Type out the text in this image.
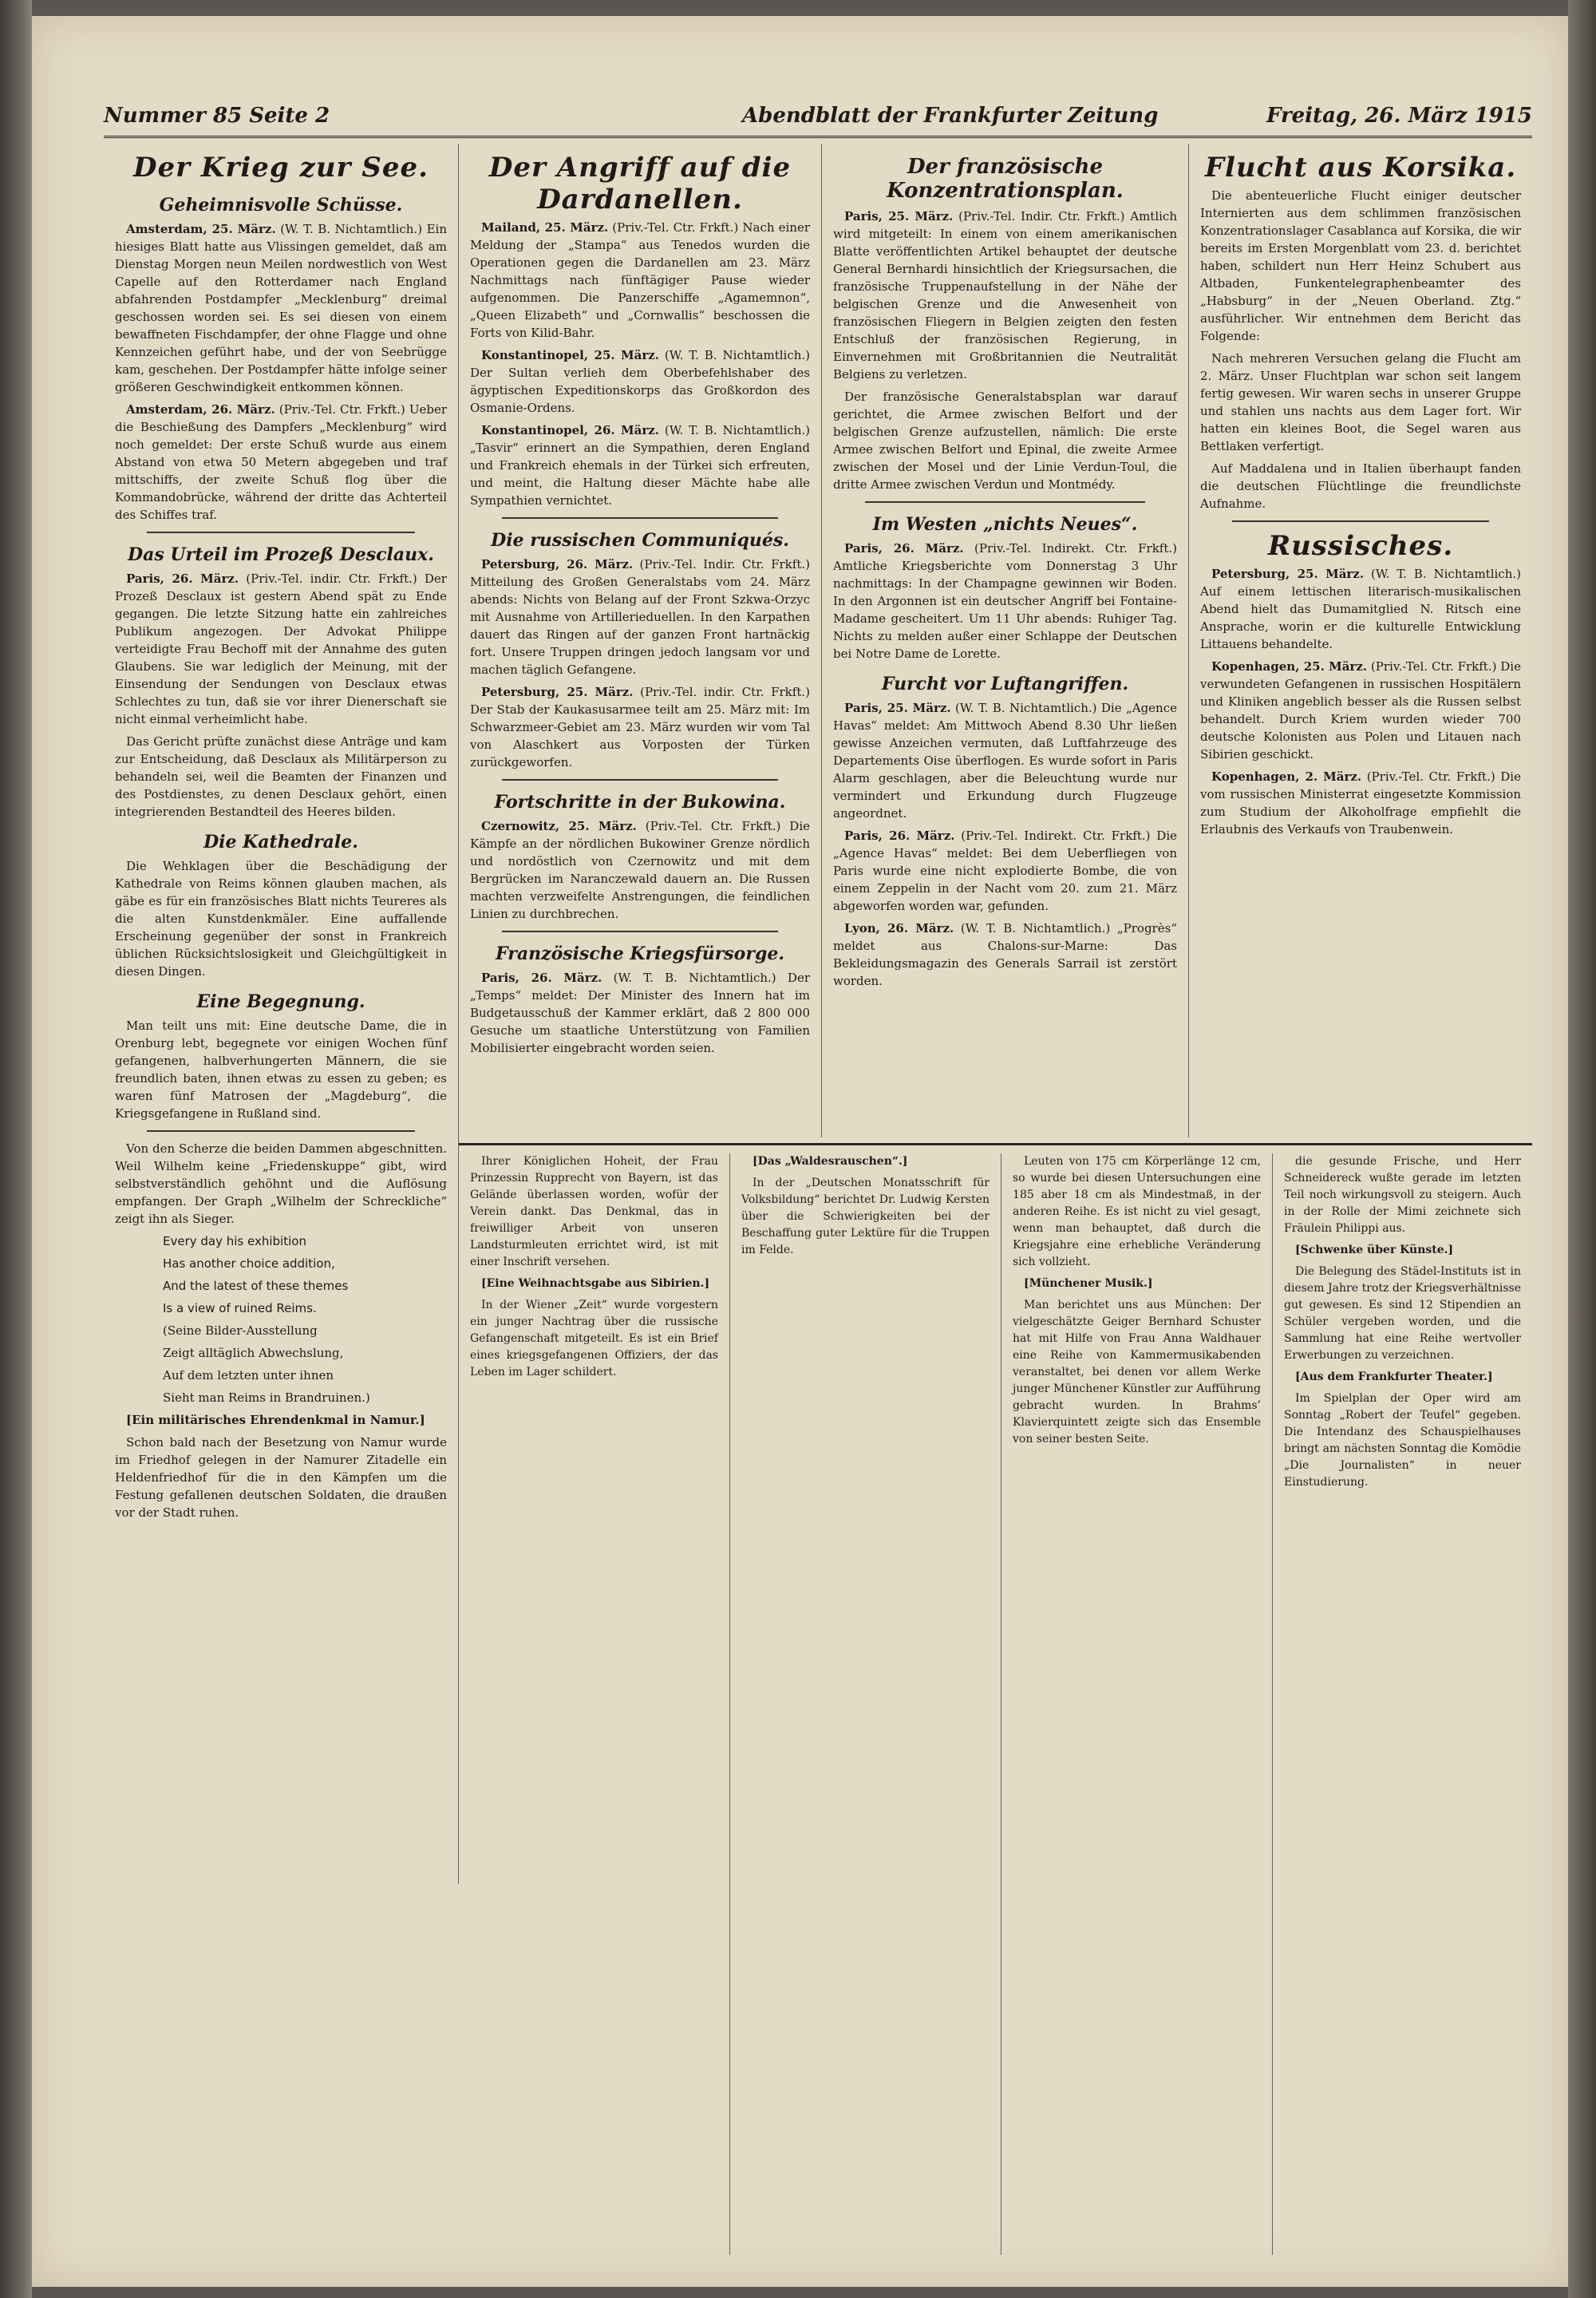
Nummer 85 Seite 2	Abendblatt der Frankfurter Zeitung	Freitag, 26. März 1915
Der Krieg zur See.
Geheimnisvolle Schüsse.

Amsterdam, 25. März. (W. T. B. Nichtamtlich.) Ein hiesiges Blatt hatte aus Vlissingen gemeldet, daß am Dienstag Morgen neun Meilen nordwestlich von West Capelle auf den Rotterdamer nach England abfahrenden Postdampfer „Mecklenburg“ dreimal geschossen worden sei. Es sei diesen von einem bewaffneten Fischdampfer, der ohne Flagge und ohne Kennzeichen geführt habe, und der von Seebrügge kam, geschehen. Der Postdampfer hätte infolge seiner größeren Geschwindigkeit entkommen können.

Amsterdam, 26. März. (Priv.-Tel. Ctr. Frkft.) Ueber die Beschießung des Dampfers „Mecklenburg“ wird noch gemeldet: Der erste Schuß wurde aus einem Abstand von etwa 50 Metern abgegeben und traf mittschiffs, der zweite Schuß flog über die Kommandobrücke, während der dritte das Achterteil des Schiffes traf.

Das Urteil im Prozeß Desclaux.

Paris, 26. März. (Priv.-Tel. indir. Ctr. Frkft.) Der Prozeß Desclaux ist gestern Abend spät zu Ende gegangen. Die letzte Sitzung hatte ein zahlreiches Publikum angezogen. Der Advokat Philippe verteidigte Frau Bechoff mit der Annahme des guten Glaubens. Sie war lediglich der Meinung, mit der Einsendung der Sendungen von Desclaux etwas Schlechtes zu tun, daß sie vor ihrer Dienerschaft sie nicht einmal verheimlicht habe.

Das Gericht prüfte zunächst diese Anträge und kam zur Entscheidung, daß Desclaux als Militärperson zu behandeln sei, weil die Beamten der Finanzen und des Postdienstes, zu denen Desclaux gehört, einen integrierenden Bestandteil des Heeres bilden.

Die Kathedrale.

Die Wehklagen über die Beschädigung der Kathedrale von Reims können glauben machen, als gäbe es für ein französisches Blatt nichts Teureres als die alten Kunstdenkmäler. Eine auffallende Erscheinung gegenüber der sonst in Frankreich üblichen Rücksichtslosigkeit und Gleichgültigkeit in diesen Dingen.

Eine Begegnung.

Man teilt uns mit: Eine deutsche Dame, die in Orenburg lebt, begegnete vor einigen Wochen fünf gefangenen, halbverhungerten Männern, die sie freundlich baten, ihnen etwas zu essen zu geben; es waren fünf Matrosen der „Magdeburg“, die Kriegsgefangene in Rußland sind.

Von den Scherze die beiden Dammen abgeschnitten. Weil Wilhelm keine „Friedenskuppe“ gibt, wird selbstverständlich gehöhnt und die Auflösung empfangen. Der Graph „Wilhelm der Schreckliche“ zeigt ihn als Sieger.

Every day his exhibition

Has another choice addition,

And the latest of these themes

Is a view of ruined Reims.

(Seine Bilder-Ausstellung

Zeigt alltäglich Abwechslung,

Auf dem letzten unter ihnen

Sieht man Reims in Brandruinen.)

[Ein militärisches Ehrendenkmal in Namur.]

Schon bald nach der Besetzung von Namur wurde im Friedhof gelegen in der Namurer Zitadelle ein Heldenfriedhof für die in den Kämpfen um die Festung gefallenen deutschen Soldaten, die draußen vor der Stadt ruhen.

Der Angriff auf die Dardanellen.

Mailand, 25. März. (Priv.-Tel. Ctr. Frkft.) Nach einer Meldung der „Stampa“ aus Tenedos wurden die Operationen gegen die Dardanellen am 23. März Nachmittags nach fünftägiger Pause wieder aufgenommen. Die Panzerschiffe „Agamemnon“, „Queen Elizabeth“ und „Cornwallis“ beschossen die Forts von Kilid-Bahr.

Konstantinopel, 25. März. (W. T. B. Nichtamtlich.) Der Sultan verlieh dem Oberbefehlshaber des ägyptischen Expeditionskorps das Großkordon des Osmanie-Ordens.

Konstantinopel, 26. März. (W. T. B. Nichtamtlich.) „Tasvir“ erinnert an die Sympathien, deren England und Frankreich ehemals in der Türkei sich erfreuten, und meint, die Haltung dieser Mächte habe alle Sympathien vernichtet.

Die russischen Communiqués.

Petersburg, 26. März. (Priv.-Tel. Indir. Ctr. Frkft.) Mitteilung des Großen Generalstabs vom 24. März abends: Nichts von Belang auf der Front Szkwa-Orzyc mit Ausnahme von Artillerieduellen. In den Karpathen dauert das Ringen auf der ganzen Front hartnäckig fort. Unsere Truppen dringen jedoch langsam vor und machen täglich Gefangene.

Petersburg, 25. März. (Priv.-Tel. indir. Ctr. Frkft.) Der Stab der Kaukasusarmee teilt am 25. März mit: Im Schwarzmeer-Gebiet am 23. März wurden wir vom Tal von Alaschkert aus Vorposten der Türken zurückgeworfen.

Fortschritte in der Bukowina.

Czernowitz, 25. März. (Priv.-Tel. Ctr. Frkft.) Die Kämpfe an der nördlichen Bukowiner Grenze nördlich und nordöstlich von Czernowitz und mit dem Bergrücken im Naranczewald dauern an. Die Russen machten verzweifelte Anstrengungen, die feindlichen Linien zu durchbrechen.

Französische Kriegsfürsorge.

Paris, 26. März. (W. T. B. Nichtamtlich.) Der „Temps“ meldet: Der Minister des Innern hat im Budgetausschuß der Kammer erklärt, daß 2 800 000 Gesuche um staatliche Unterstützung von Familien Mobilisierter eingebracht worden seien.

Der französische Konzentrationsplan.

Paris, 25. März. (Priv.-Tel. Indir. Ctr. Frkft.) Amtlich wird mitgeteilt: In einem von einem amerikanischen Blatte veröffentlichten Artikel behauptet der deutsche General Bernhardi hinsichtlich der Kriegsursachen, die französische Truppenaufstellung in der Nähe der belgischen Grenze und die Anwesenheit von französischen Fliegern in Belgien zeigten den festen Entschluß der französischen Regierung, in Einvernehmen mit Großbritannien die Neutralität Belgiens zu verletzen.

Der französische Generalstabsplan war darauf gerichtet, die Armee zwischen Belfort und der belgischen Grenze aufzustellen, nämlich: Die erste Armee zwischen Belfort und Epinal, die zweite Armee zwischen der Mosel und der Linie Verdun-Toul, die dritte Armee zwischen Verdun und Montmédy.

Im Westen „nichts Neues“.

Paris, 26. März. (Priv.-Tel. Indirekt. Ctr. Frkft.) Amtliche Kriegsberichte vom Donnerstag 3 Uhr nachmittags: In der Champagne gewinnen wir Boden. In den Argonnen ist ein deutscher Angriff bei Fontaine-Madame gescheitert. Um 11 Uhr abends: Ruhiger Tag. Nichts zu melden außer einer Schlappe der Deutschen bei Notre Dame de Lorette.

Furcht vor Luftangriffen.

Paris, 25. März. (W. T. B. Nichtamtlich.) Die „Agence Havas“ meldet: Am Mittwoch Abend 8.30 Uhr ließen gewisse Anzeichen vermuten, daß Luftfahrzeuge des Departements Oise überflogen. Es wurde sofort in Paris Alarm geschlagen, aber die Beleuchtung wurde nur vermindert und Erkundung durch Flugzeuge angeordnet.

Paris, 26. März. (Priv.-Tel. Indirekt. Ctr. Frkft.) Die „Agence Havas“ meldet: Bei dem Ueberfliegen von Paris wurde eine nicht explodierte Bombe, die von einem Zeppelin in der Nacht vom 20. zum 21. März abgeworfen worden war, gefunden.

Lyon, 26. März. (W. T. B. Nichtamtlich.) „Progrès“ meldet aus Chalons-sur-Marne: Das Bekleidungsmagazin des Generals Sarrail ist zerstört worden.

Flucht aus Korsika.

Die abenteuerliche Flucht einiger deutscher Internierten aus dem schlimmen französischen Konzentrationslager Casablanca auf Korsika, die wir bereits im Ersten Morgenblatt vom 23. d. berichtet haben, schildert nun Herr Heinz Schubert aus Altbaden, Funkentelegraphenbeamter des „Habsburg“ in der „Neuen Oberland. Ztg.“ ausführlicher. Wir entnehmen dem Bericht das Folgende:

Nach mehreren Versuchen gelang die Flucht am 2. März. Unser Fluchtplan war schon seit langem fertig gewesen. Wir waren sechs in unserer Gruppe und stahlen uns nachts aus dem Lager fort. Wir hatten ein kleines Boot, die Segel waren aus Bettlaken verfertigt.

Auf Maddalena und in Italien überhaupt fanden die deutschen Flüchtlinge die freundlichste Aufnahme.

Russisches.

Petersburg, 25. März. (W. T. B. Nichtamtlich.) Auf einem lettischen literarisch-musikalischen Abend hielt das Dumamitglied N. Ritsch eine Ansprache, worin er die kulturelle Entwicklung Littauens behandelte.

Kopenhagen, 25. März. (Priv.-Tel. Ctr. Frkft.) Die verwundeten Gefangenen in russischen Hospitälern und Kliniken angeblich besser als die Russen selbst behandelt. Durch Kriem wurden wieder 700 deutsche Kolonisten aus Polen und Litauen nach Sibirien geschickt.

Kopenhagen, 2. März. (Priv.-Tel. Ctr. Frkft.) Die vom russischen Ministerrat eingesetzte Kommission zum Studium der Alkoholfrage empfiehlt die Erlaubnis des Verkaufs von Traubenwein.

Ihrer Königlichen Hoheit, der Frau Prinzessin Rupprecht von Bayern, ist das Gelände überlassen worden, wofür der Verein dankt. Das Denkmal, das in freiwilliger Arbeit von unseren Landsturmleuten errichtet wird, ist mit einer Inschrift versehen.

[Eine Weihnachtsgabe aus Sibirien.]

In der Wiener „Zeit“ wurde vorgestern ein junger Nachtrag über die russische Gefangenschaft mitgeteilt. Es ist ein Brief eines kriegsgefangenen Offiziers, der das Leben im Lager schildert.

[Das „Waldesrauschen“.]

In der „Deutschen Monatsschrift für Volksbildung“ berichtet Dr. Ludwig Kersten über die Schwierigkeiten bei der Beschaffung guter Lektüre für die Truppen im Felde.

Leuten von 175 cm Körperlänge 12 cm, so wurde bei diesen Untersuchungen eine 185 aber 18 cm als Mindestmaß, in der anderen Reihe. Es ist nicht zu viel gesagt, wenn man behauptet, daß durch die Kriegsjahre eine erhebliche Veränderung sich vollzieht.

[Münchener Musik.]

Man berichtet uns aus München: Der vielgeschätzte Geiger Bernhard Schuster hat mit Hilfe von Frau Anna Waldhauer eine Reihe von Kammermusikabenden veranstaltet, bei denen vor allem Werke junger Münchener Künstler zur Aufführung gebracht wurden. In Brahms’ Klavierquintett zeigte sich das Ensemble von seiner besten Seite.

die gesunde Frische, und Herr Schneidereck wußte gerade im letzten Teil noch wirkungsvoll zu steigern. Auch in der Rolle der Mimi zeichnete sich Fräulein Philippi aus.

[Schwenke über Künste.]

Die Belegung des Städel-Instituts ist in diesem Jahre trotz der Kriegsverhältnisse gut gewesen. Es sind 12 Stipendien an Schüler vergeben worden, und die Sammlung hat eine Reihe wertvoller Erwerbungen zu verzeichnen.

[Aus dem Frankfurter Theater.]

Im Spielplan der Oper wird am Sonntag „Robert der Teufel“ gegeben. Die Intendanz des Schauspielhauses bringt am nächsten Sonntag die Komödie „Die Journalisten“ in neuer Einstudierung.
